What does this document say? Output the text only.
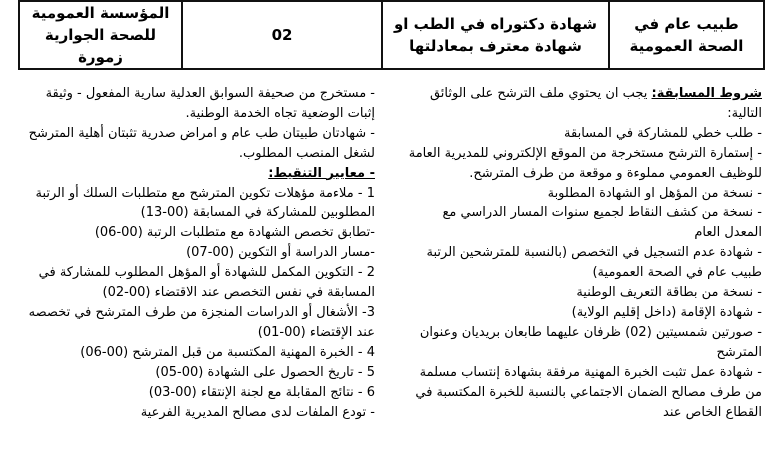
المؤسسة العمومية للصحة الجوارية زمورة	02	شهادة دكتوراه في الطب او شهادة معترف بمعادلتها	طبيب عام في الصحة العمومية

شروط المسابقة: يجب ان يحتوي ملف الترشح على الوثائق التالية:

- طلب خطي للمشاركة في المسابقة

- إستمارة الترشح مستخرجة من الموقع الإلكتروني للمديرية العامة للوظيف العمومي مملوءة و موقعة من طرف المترشح.

- نسخة من المؤهل او الشهادة المطلوبة

- نسخة من كشف النقاط لجميع سنوات المسار الدراسي مع المعدل العام

- شهادة عدم التسجيل في التخصص (بالنسبة للمترشحين الرتبة طبيب عام في الصحة العمومية)

- نسخة من بطاقة التعريف الوطنية

- شهادة الإقامة (داخل إقليم الولاية)

- صورتين شمسيتين (02) ظرفان عليهما طابعان بريديان وعنوان المترشح

- شهادة عمل تثبت الخبرة المهنية مرفقة بشهادة إنتساب مسلمة من طرف مصالح الضمان الاجتماعي بالنسبة للخبرة المكتسبة في القطاع الخاص عند

- مستخرج من صحيفة السوابق العدلية سارية المفعول - وثيقة إثبات الوضعية تجاه الخدمة الوطنية.

- شهادتان طبيتان طب عام و امراض صدرية تثبتان أهلية المترشح لشغل المنصب المطلوب.

- معايير التنقيط:

1 - ملاءمة مؤهلات تكوين المترشح مع متطلبات السلك أو الرتبة المطلوبين للمشاركة في المسابقة (00-13)

-تطابق تخصص الشهادة مع متطلبات الرتبة (00-06)

-مسار الدراسة أو التكوين (00-07)

2 - التكوين المكمل للشهادة أو المؤهل المطلوب للمشاركة في المسابقة في نفس التخصص عند الاقتضاء (00-02)

3- الأشغال أو الدراسات المنجزة من طرف المترشح في تخصصه عند الإقتضاء (00-01)

4 - الخبرة المهنية المكتسبة من قبل المترشح (00-06)

5 - تاريخ الحصول على الشهادة (00-05)

6 - نتائج المقابلة مع لجنة الإنتقاء (00-03)

- تودع الملفات لدى مصالح المديرية الفرعية
